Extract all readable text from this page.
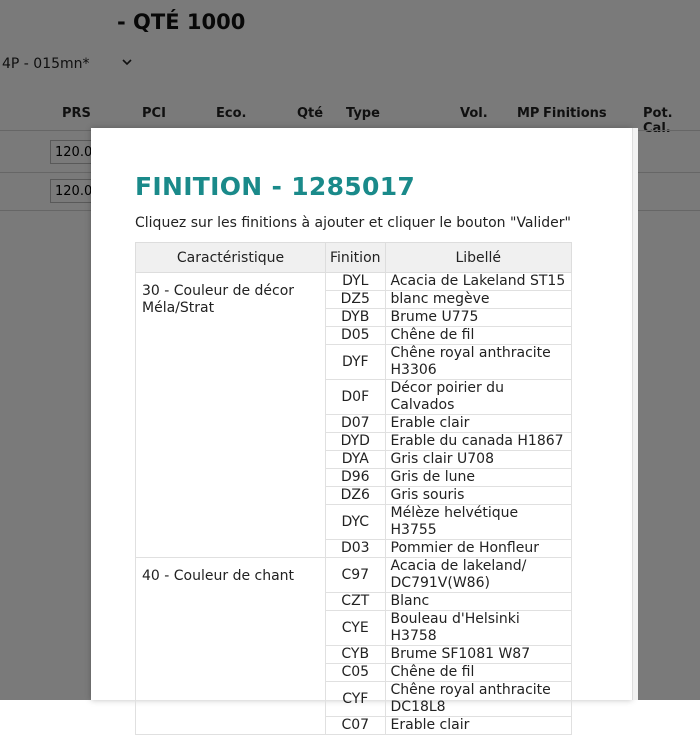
FINITION - 1285017

Cliquez sur les finitions à ajouter et cliquer le bouton "Valider"

Caractéristique	Finition	Libellé
30 - Couleur de décor Méla/Strat	DYL	Acacia de Lakeland ST15
	DZ5	blanc megève
	DYB	Brume U775
	D05	Chêne de fil
	DYF	Chêne royal anthracite H3306
	D0F	Décor poirier du Calvados
	D07	Erable clair
	DYD	Erable du canada H1867
	DYA	Gris clair U708
	D96	Gris de lune
	DZ6	Gris souris
	DYC	Mélèze helvétique H3755
	D03	Pommier de Honfleur
40 - Couleur de chant	C97	Acacia de lakeland/ DC791V(W86)
	CZT	Blanc
	CYE	Bouleau d'Helsinki H3758
	CYB	Brume SF1081 W87
	C05	Chêne de fil
	CYF	Chêne royal anthracite DC18L8
	C07	Erable clair
